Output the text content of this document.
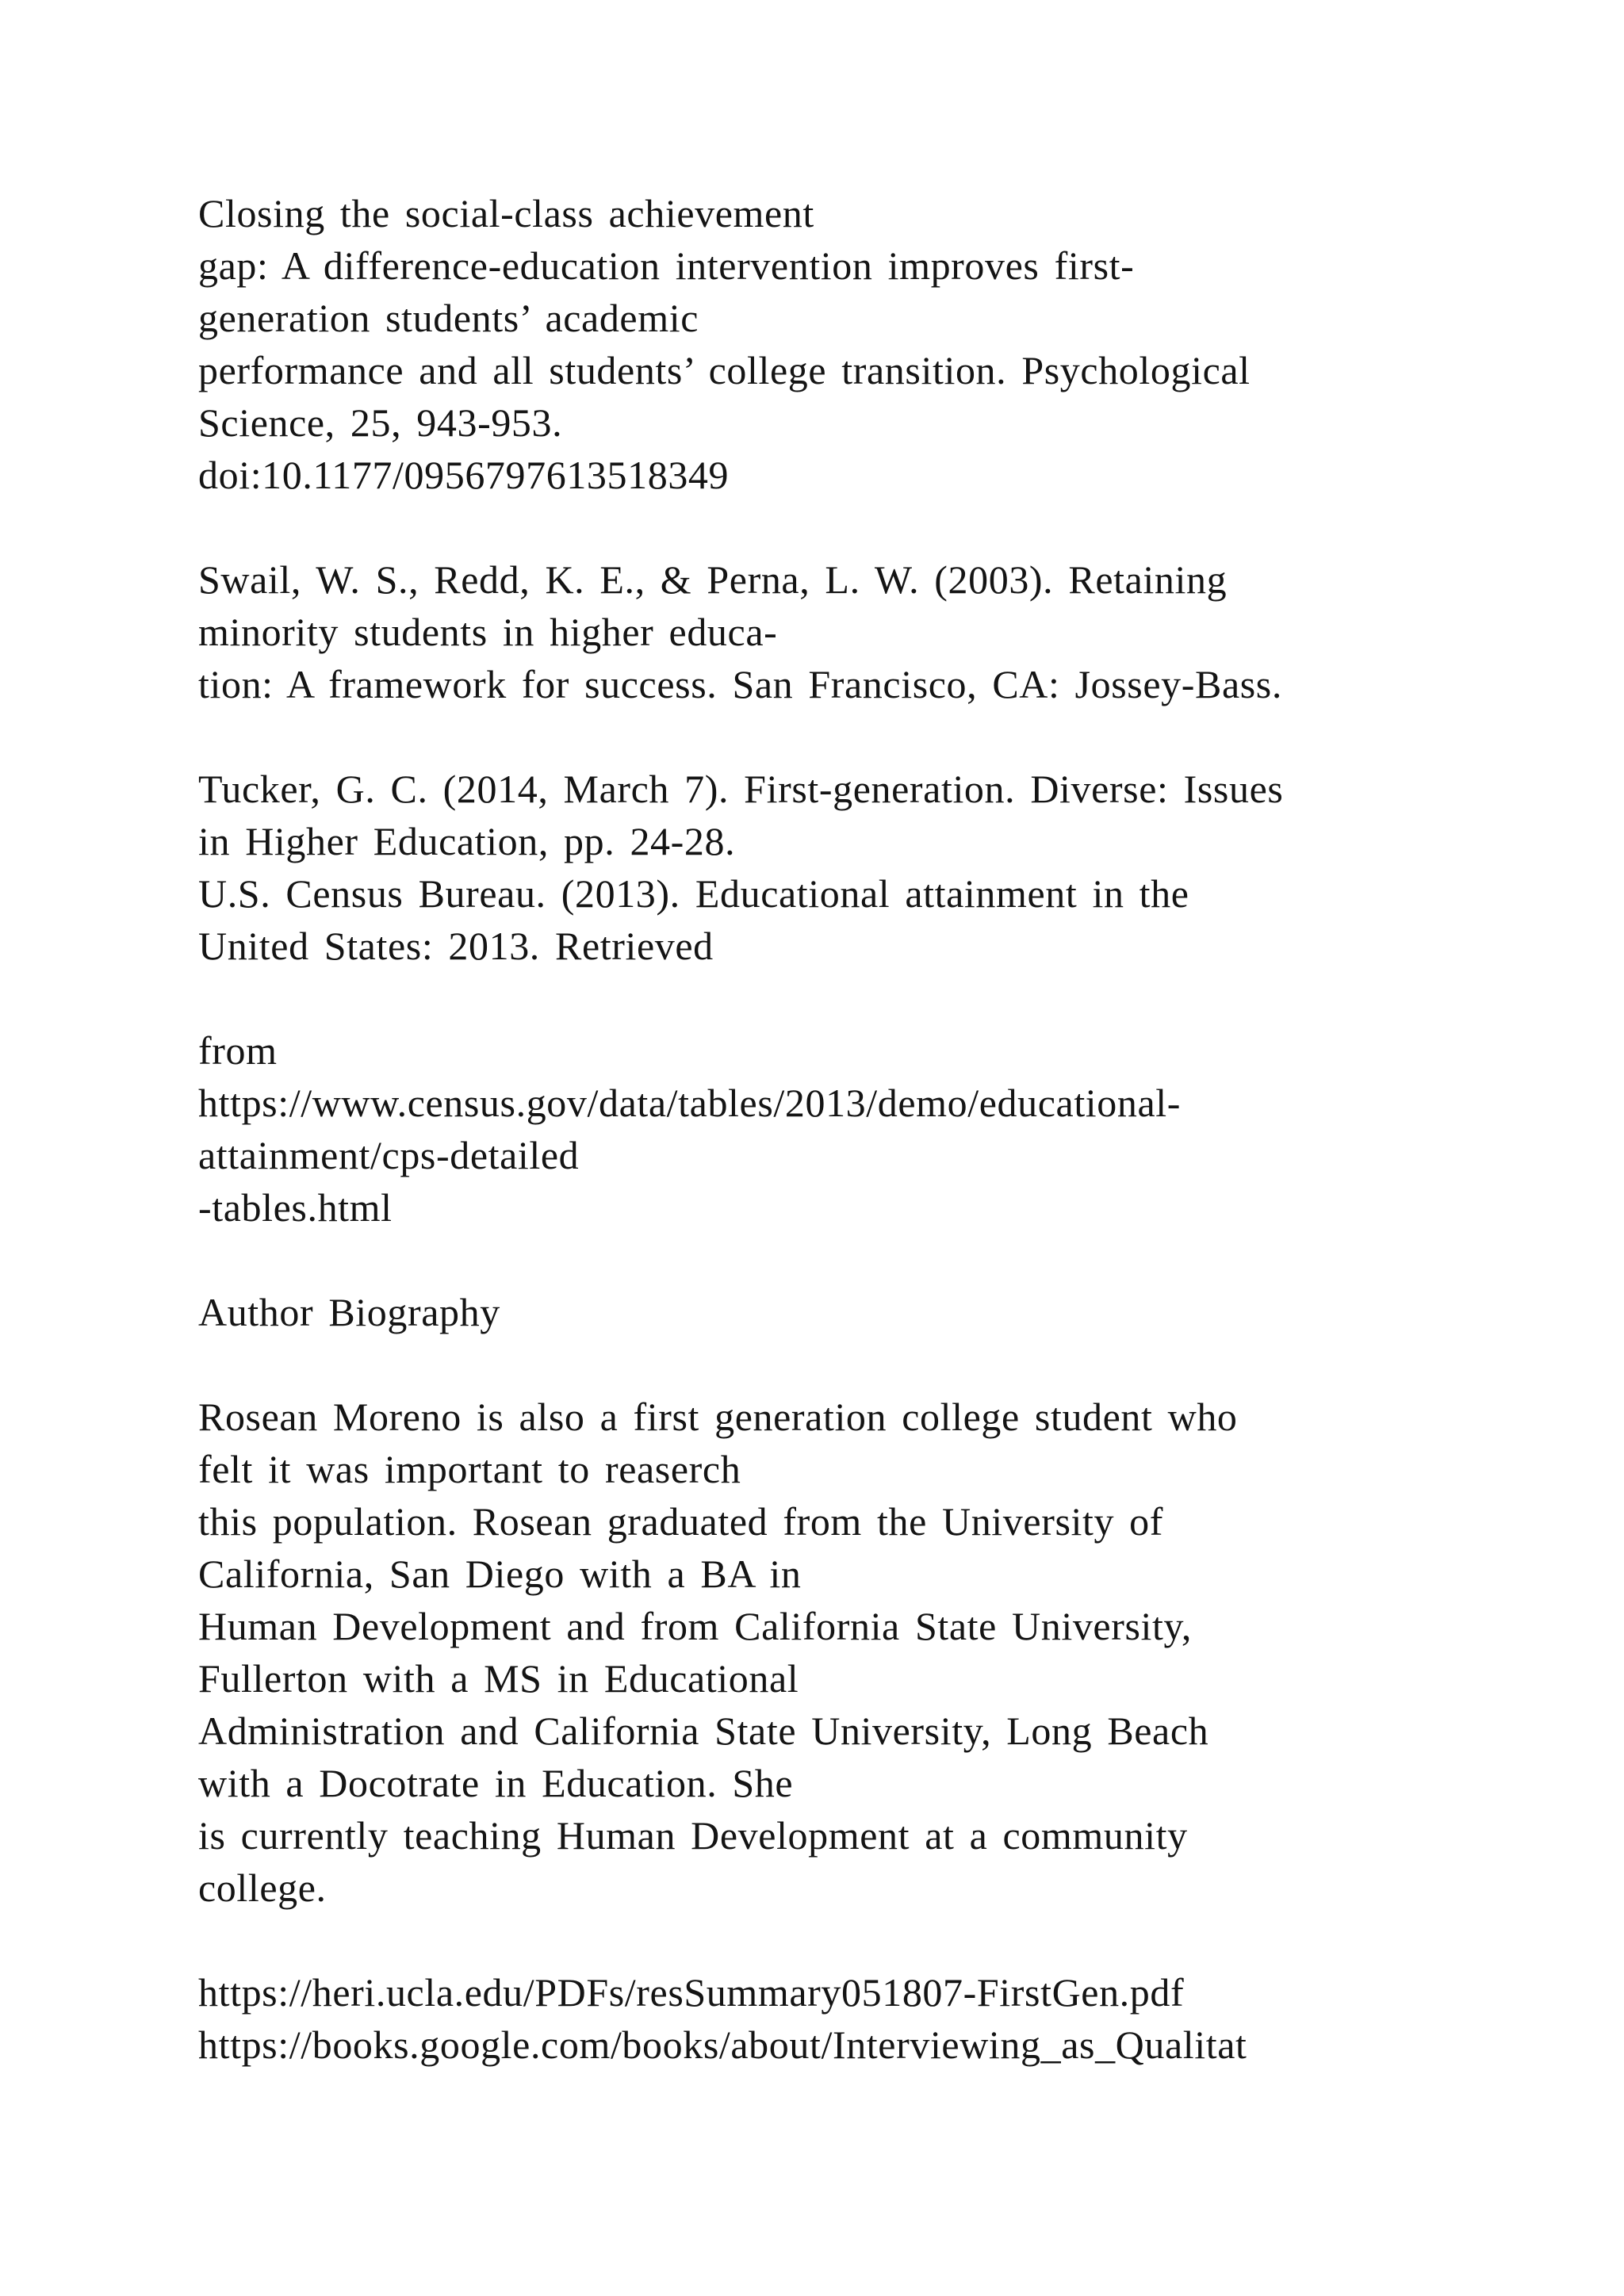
Closing the social-class achievement
gap: A difference-education intervention improves first-
generation students’ academic
performance and all students’ college transition. Psychological
Science, 25, 943-953.
doi:10.1177/0956797613518349
Swail, W. S., Redd, K. E., & Perna, L. W. (2003). Retaining
minority students in higher educa-
tion: A framework for success. San Francisco, CA: Jossey-Bass.
Tucker, G. C. (2014, March 7). First-generation. Diverse: Issues
in Higher Education, pp. 24-28.
U.S. Census Bureau. (2013). Educational attainment in the
United States: 2013. Retrieved
from
https://www.census.gov/data/tables/2013/demo/educational-
attainment/cps-detailed
-tables.html
Author Biography
Rosean Moreno is also a first generation college student who
felt it was important to reaserch
this population. Rosean graduated from the University of
California, San Diego with a BA in
Human Development and from California State University,
Fullerton with a MS in Educational
Administration and California State University, Long Beach
with a Docotrate in Education. She
is currently teaching Human Development at a community
college.
https://heri.ucla.edu/PDFs/resSummary051807-FirstGen.pdf
https://books.google.com/books/about/Interviewing_as_Qualitat
